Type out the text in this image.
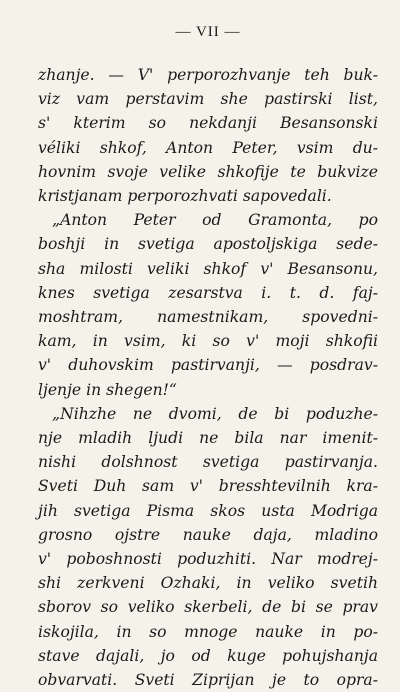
— VII —
zhanje. — V' perporozhvanje teh buk-
viz vam perstavim she pastirski list,
s' kterim so nekdanji Besansonski
véliki shkof, Anton Peter, vsim du-
hovnim svoje velike shkofije te bukvize
kristjanam perporozhvati sapovedali.
„Anton Peter od Gramonta, po
boshji in svetiga apostoljskiga sede-
sha milosti veliki shkof v' Besansonu,
knes svetiga zesarstva i. t. d. faj-
moshtram, namestnikam, spovedni-
kam, in vsim, ki so v' moji shkofii
v' duhovskim pastirvanji, — posdrav-
ljenje in shegen!“
„Nihzhe ne dvomi, de bi poduzhe-
nje mladih ljudi ne bila nar imenit-
nishi dolshnost svetiga pastirvanja.
Sveti Duh sam v' bresshtevilnih kra-
jih svetiga Pisma skos usta Modriga
grosno ojstre nauke daja, mladino
v' poboshnosti poduzhiti. Nar modrej-
shi zerkveni Ozhaki, in veliko svetih
sborov so veliko skerbeli, de bi se prav
iskojila, in so mnoge nauke in po-
stave dajali, jo od kuge pohujshanja
obvarvati. Sveti Ziprijan je to opra-
